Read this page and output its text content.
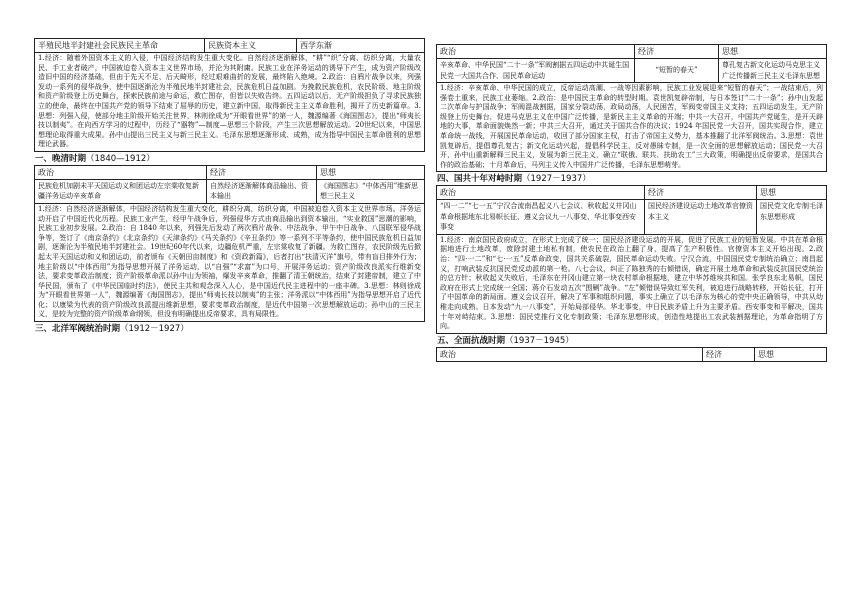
半殖民地半封建社会民族民主革命	民族资本主义	西学东渐
1.经济：随着外国资本主义的入侵，中国经济结构发生重大变化。自然经济逐渐解体，“耕”“织”分离、纺织分离，大量农民、手工业者破产，中国被迫卷入资本主义世界市场，并沦为其附庸。民族工业在洋务运动的诱导下产生，成为资产阶级改造旧中国的经济基础，但由于先天不足、后天畸形，经过艰难曲折的发展，最终陷入绝境。2.政治：自鸦片战争以来，列强发动一系列的侵华战争，使中国逐渐沦为半殖民地半封建社会，民族危机日益加剧。为挽救民族危机，农民阶级、地主阶级和资产阶级登上历史舞台，探索民族前途与命运，救亡图存，但皆以失败告终。五四运动以后，无产阶级担负了寻求民族独立的使命，最终在中国共产党的领导下结束了屈辱的历史，建立新中国，取得新民主主义革命胜利，揭开了历史新篇章。3.思想：列强入侵，使部分地主阶级开始关注世界，林则徐成为“开眼看世界”的第一人，魏源编著《海国图志》，提出“师夷长技以制夷”。在向西方学习的过程中，历经了“器物”—制度—思想三个阶段，产生三次思想解放运动。20世纪以来，中国思想理论取得重大成果。孙中山提出三民主义与新三民主义。毛泽东思想逐渐形成、成熟，成为指导中国民主革命胜利的思想理论武器。
一、晚清时期（1840—1912）
政治	经济	思想
民族危机加剧未平天国运动义和团运动左宗棠收复新疆洋务运动辛亥革命	自然经济逐渐解体商品输出、资本输出	《海国图志》“中体西用”维新思想三民主义
1.经济：自然经济逐渐解体，中国经济结构发生重大变化，耕织分离，纺织分离，中国被迫卷入资本主义世界市场。洋务运动开启了中国近代化历程。民族工业产生，经甲午战争后，列强侵华方式由商品输出到资本输出，“实业救国”思潮的影响，民族工业初步发展。2.政治：自 1840 年以来，列强先后发动了两次鸦片战争、中法战争、甲午中日战争、八国联军侵华战争等，签订了《南京条约》《北京条约》《天津条约》《马关条约》《辛丑条约》等一系列不平等条约，使中国民族危机日益加剧，逐渐沦为半殖民地半封建社会。19世纪60年代以来，边疆危机严重，左宗棠收复了新疆。为救亡图存，农民阶级先后掀起太平天国运动和义和团运动，前者颁布《天朝田亩制度》和《资政新篇》，后者打出“扶清灭洋”旗号，带有盲目排外行为；地主阶级以“中体西用”为指导思想开展了洋务运动，以“自强”“求富”为口号，开展洋务运动；资产阶级改良派实行维新变法，要求变革政治制度；资产阶级革命派以孙中山为领袖，爆发辛亥革命，推翻了清王朝统治，结束了封建帝制，建立了中华民国，颁布了《中华民国临时约法》，使民主共和观念深入人心，是中国近代民主进程中的一座丰碑。3.思想：林则徐成为“开眼看世界第一人”，魏源编著《海国图志》，提出“师夷长技以制夷”的主张；洋务派以“中体西用”为指导思想开启了近代化；以康梁为代表的资产阶级改良派提出维新思想，要求变革政治制度，是近代中国第一次思想解放运动；孙中山的三民主义，是较为完整的资产阶级革命纲领，但没有明确提出反帝要求，具有局限性。
三、北洋军阀统治时期（1912－1927）
政治	经济	思想
辛亥革命、中华民国“二十一条”军阀割据五四运动中共诞生国民党一大国共合作、国民革命运动	“短暂的春天”	尊孔复古新文化运动马克思主义广泛传播新三民主义毛泽东思想
1.经济：辛亥革命、中华民国的成立，反帝运动高潮、一战等因素影响，民族工业发展迎来“短暂的春天”；一战结束后，列强卷土重来，民族工业萎缩。2.政治：是中国民主革命的转型时期。袁世凯复辟帝制，与日本签订“二十一条”；孙中山发起二次革命与护国战争；军阀混战割据，国家分裂动荡，政局动荡，人民困苦，军阀变帝国主义支持；五四运动发生，无产阶级登上历史舞台，促进马克思主义在中国广泛传播，是新民主主义革命的开端；中共一大召开，中国共产党诞生，是开天辟地的大事，革命面貌焕然一新；中共三大召开，通过关于国共合作的决议；1924 年国民党一大召开，国共实现合作，建立革命统一战线，开展国民革命运动，收回了部分国家主权，打击了帝国主义势力，基本推翻了北洋军阀统治。3.思想：袁世凯复辟后，提倡尊孔复古；新文化运动兴起，提倡科学民主，反对愚昧专制，是一次全面的思想解放运动；国民党一大召开，孙中山重新解释三民主义，发展为新三民主义，确立“联俄、联共、扶助农工”三大政策，明确提出反帝要求，是国共合作的政治基础；十月革命后，马列主义传入中国并广泛传播，毛泽东思想萌芽。
四、国共十年对峙时期（1927－1937）
政治	经济	思想
“四一二”“七一五”宁汉合流南昌起义八七会议、秋收起义井冈山革命根据地东北易帜长征、遵义会议九一八事变、华北事变西安事变	国民经济建设运动土地改革官僚资本主义	国民党文化专制毛泽东思想形成
1.经济：南京国民政府成立，在形式上完成了统一；国民经济建设运动的开展，促进了民族工业的短暂发展。中共在革命根据地进行土地改革，废除封建土地私有制，使农民在政治上翻了身，提高了生产积极性。官僚资本主义开始出现。2.政治：“四·一二”和“七·一五”反革命政变，国共关系破裂，国民革命运动失败。宁汉合流，中国国民党专制统治确立；南昌起义，打响武装反抗国民党反动派的第一枪。八七会议，纠正了陈独秀的右倾错误，确定开展土地革命和武装反抗国民党统治的总方针；秋收起义失败后，毛泽东在井冈山建立第一块农村革命根据地，建立中华苏维埃共和国。张学良东北易帜，国民政府在形式上完成统一全国；蒋介石发动五次“围剿”战争。“左”倾错误导致红军失利，被迫进行战略转移，开始长征，打开了中国革命的新局面。遵义会议召开，解决了军事和组织问题，事实上确立了以毛泽东为核心的党中央正确领导，中共从幼稚走向成熟。日本发动“九一八事变”，开始局部侵华。华北事变，中日民族矛盾上升为主要矛盾。西安事变和平解决，国共十年对峙结束。3.思想：国民党推行文化专制政策；毛泽东思想形成，创造性地提出工农武装割据理论，为革命指明了方向。
五、全面抗战时期（1937－1945）
政治	经济	思想
